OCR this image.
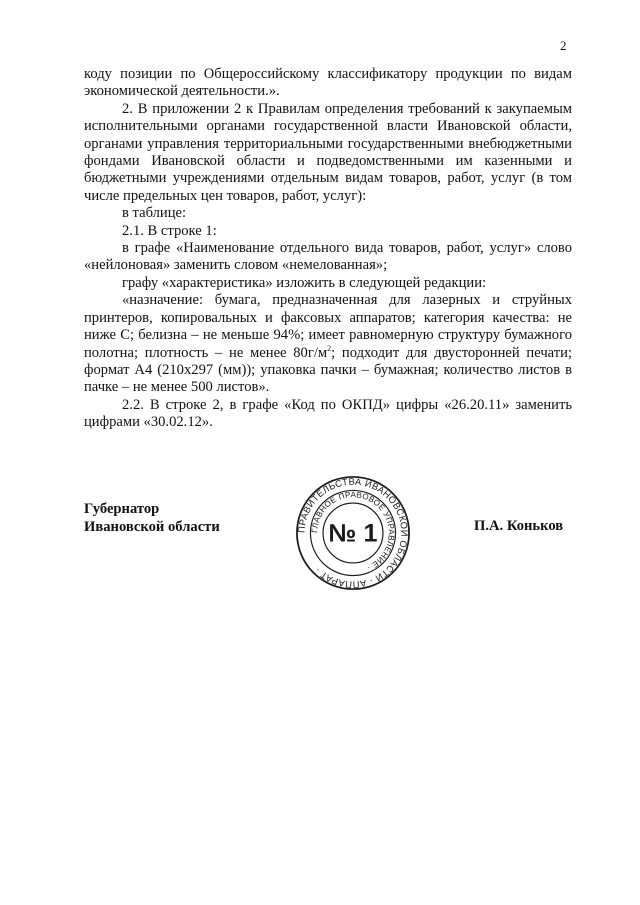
2

коду позиции по Общероссийскому классификатору продукции по видам экономической деятельности.».

2. В приложении 2 к Правилам определения требований к закупаемым исполнительными органами государственной власти Ивановской области, органами управления территориальными государственными внебюджетными фондами Ивановской области и подведомственными им казенными и бюджетными учреждениями отдельным видам товаров, работ, услуг (в том числе предельных цен товаров, работ, услуг):

в таблице:

2.1. В строке 1:

в графе «Наименование отдельного вида товаров, работ, услуг» слово «нейлоновая» заменить словом «немелованная»;

графу «характеристика» изложить в следующей редакции:

«назначение: бумага, предназначенная для лазерных и струйных принтеров, копировальных и факсовых аппаратов; категория качества: не ниже С; белизна – не меньше 94%; имеет равномерную структуру бумажного полотна; плотность – не менее $80г/м^2$; подходит для двусторонней печати; формат А4 (210х297 (мм)); упаковка пачки – бумажная; количество листов в пачке – не менее 500 листов».

2.2. В строке 2, в графе «Код по ОКПД» цифры «26.20.11» заменить цифрами «30.02.12».

Губернатор
Ивановской области	П.А. Коньков
ПРАВИТЕЛЬСТВА ИВАНОВСКОЙ ОБЛАСТИ · АППАРАТ ·
ГЛАВНОЕ ПРАВОВОЕ УПРАВЛЕНИЕ ·
№ 1
